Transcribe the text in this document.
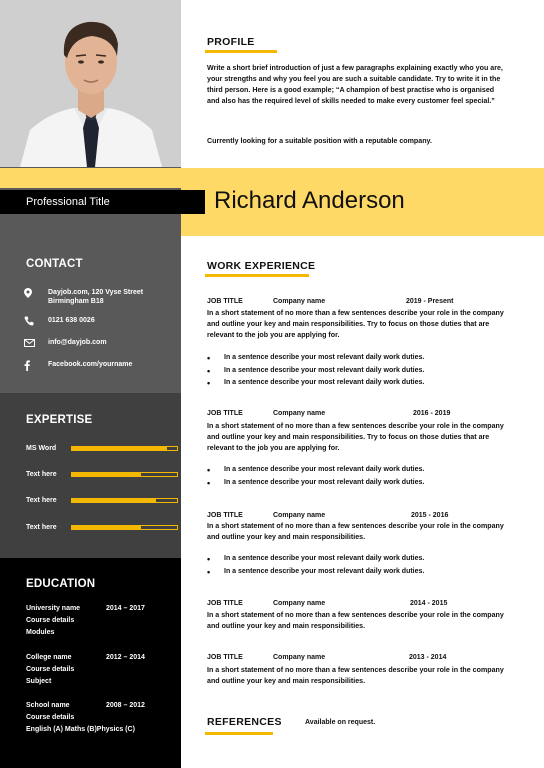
CONTACT
Dayjob.com, 120 Vyse Street
Birmingham B18
0121 638 0026
info@dayjob.com
Facebook.com/yourname
EXPERTISE
MS Word
Text here
Text here
Text here
EDUCATION
University name	2014 – 2017
Course details
Modules
College name	2012 – 2014
Course details
Subject
School name	2008 – 2012
Course details
English (A) Maths (B)Physics (C)
Professional Title	Richard Anderson
PROFILE
Write a short brief introduction of just a few paragraphs explaining exactly who you are, your strengths and why you feel you are such a suitable candidate. Try to write it in the third person. Here is a good example; “A champion of best practise who is organised and also has the required level of skills needed to make every customer feel special.”
Currently looking for a suitable position with a reputable company.
WORK EXPERIENCE
JOB TITLE	Company name	2019 - Present
In a short statement of no more than a few sentences describe your role in the company and outline your key and main responsibilities. Try to focus on those duties that are relevant to the job you are applying for.
• In a sentence describe your most relevant daily work duties.
• In a sentence describe your most relevant daily work duties.
• In a sentence describe your most relevant daily work duties.
JOB TITLE	Company name	2016 - 2019
In a short statement of no more than a few sentences describe your role in the company and outline your key and main responsibilities. Try to focus on those duties that are relevant to the job you are applying for.
• In a sentence describe your most relevant daily work duties.
• In a sentence describe your most relevant daily work duties.
JOB TITLE	Company name	2015 - 2016
In a short statement of no more than a few sentences describe your role in the company and outline your key and main responsibilities.
• In a sentence describe your most relevant daily work duties.
• In a sentence describe your most relevant daily work duties.
JOB TITLE	Company name	2014 - 2015
In a short statement of no more than a few sentences describe your role in the company and outline your key and main responsibilities.
JOB TITLE	Company name	2013 - 2014
In a short statement of no more than a few sentences describe your role in the company and outline your key and main responsibilities.
REFERENCES	Available on request.
